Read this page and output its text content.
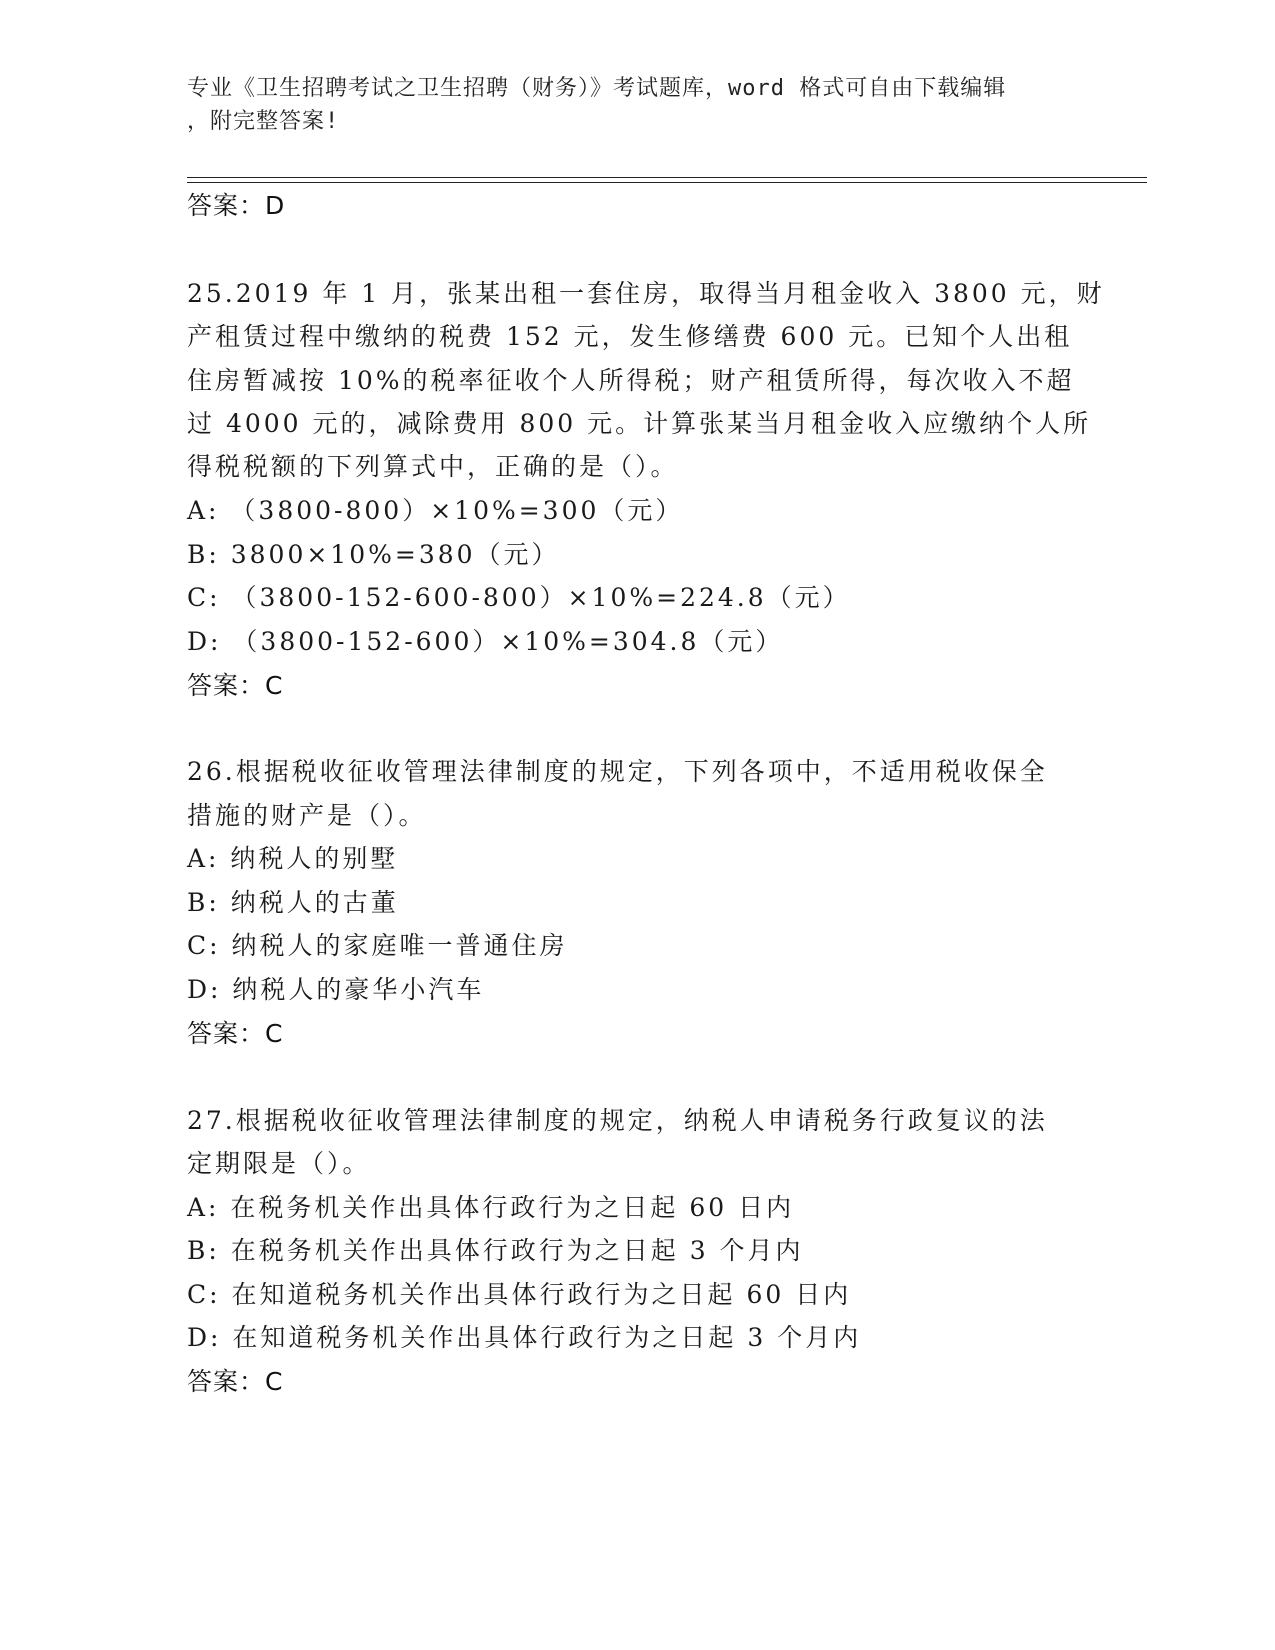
专业《卫生招聘考试之卫生招聘（财务）》考试题库，word 格式可自由下载编辑
，附完整答案!
答案：D
25.2019 年 1 月，张某出租一套住房，取得当月租金收入 3800 元，财
产租赁过程中缴纳的税费 152 元，发生修缮费 600 元。已知个人出租
住房暂减按 10%的税率征收个人所得税；财产租赁所得，每次收入不超
过 4000 元的，减除费用 800 元。计算张某当月租金收入应缴纳个人所
得税税额的下列算式中，正确的是（）。
A: （3800-800）×10%=300（元）
B: 3800×10%=380（元）
C: （3800-152-600-800）×10%=224.8（元）
D: （3800-152-600）×10%=304.8（元）
答案：C
26.根据税收征收管理法律制度的规定，下列各项中，不适用税收保全
措施的财产是（）。
A: 纳税人的别墅
B: 纳税人的古董
C: 纳税人的家庭唯一普通住房
D: 纳税人的豪华小汽车
答案：C
27.根据税收征收管理法律制度的规定，纳税人申请税务行政复议的法
定期限是（）。
A: 在税务机关作出具体行政行为之日起 60 日内
B: 在税务机关作出具体行政行为之日起 3 个月内
C: 在知道税务机关作出具体行政行为之日起 60 日内
D: 在知道税务机关作出具体行政行为之日起 3 个月内
答案：C
